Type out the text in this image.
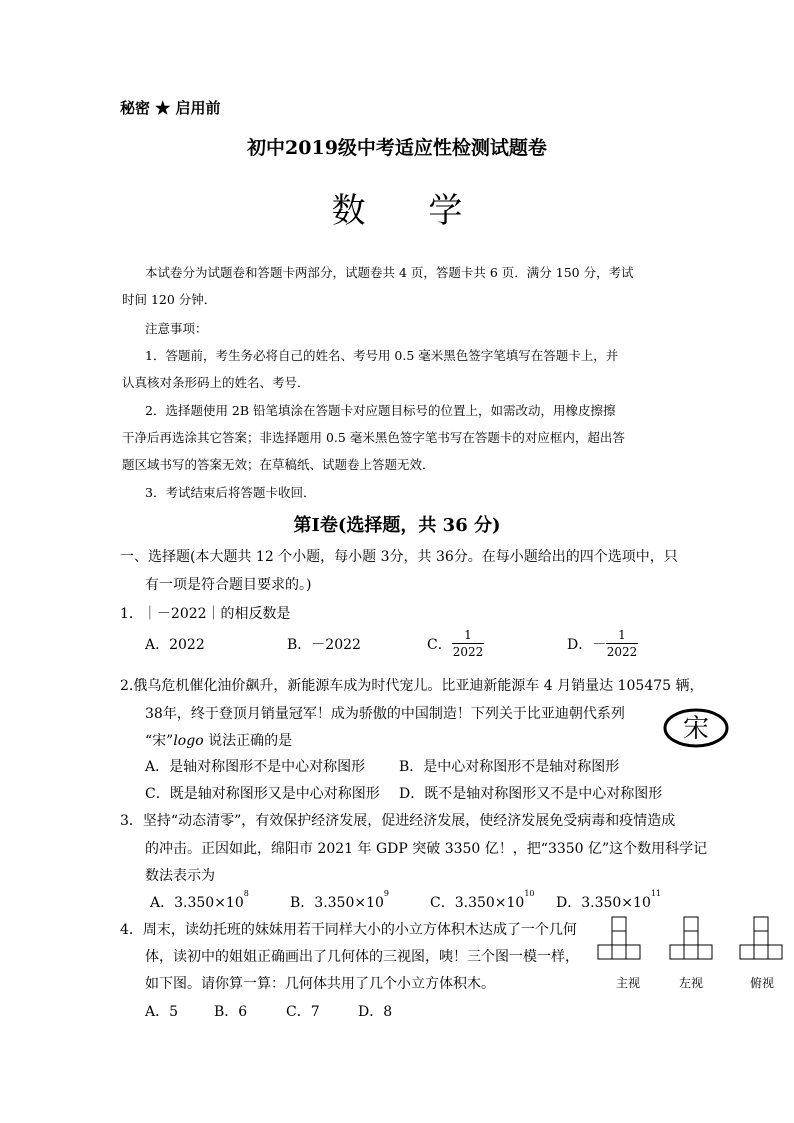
秘密 ★ 启用前
初中2019级中考适应性检测试题卷
数 学
本试卷分为试题卷和答题卡两部分，试题卷共 4 页，答题卡共 6 页．满分 150 分，考试
时间 120 分钟．
注意事项：
1．答题前，考生务必将自己的姓名、考号用 0.5 毫米黑色签字笔填写在答题卡上，并
认真核对条形码上的姓名、考号．
2．选择题使用 2B 铅笔填涂在答题卡对应题目标号的位置上，如需改动，用橡皮擦擦
干净后再选涂其它答案；非选择题用 0.5 毫米黑色签字笔书写在答题卡的对应框内，超出答
题区域书写的答案无效；在草稿纸、试题卷上答题无效．
3．考试结束后将答题卡收回．
第Ⅰ卷(选择题，共 36 分)
一、选择题(本大题共 12 个小题，每小题 3分，共 36分。在每小题给出的四个选项中，只
有一项是符合题目要求的。)
1．｜－2022｜的相反数是
A．2022	B．－2022	C．
1
2022	D．－
1
2022
2.俄乌危机催化油价飙升，新能源车成为时代宠儿。比亚迪新能源车 4 月销量达 105475 辆，
38年，终于登顶月销量冠军！成为骄傲的中国制造！下列关于比亚迪朝代系列
“宋”logo 说法正确的是	宋
A．是轴对称图形不是中心对称图形 B．是中心对称图形不是轴对称图形
C．既是轴对称图形又是中心对称图形 D．既不是轴对称图形又不是中心对称图形
3．坚持“动态清零”，有效保护经济发展，促进经济发展，使经济发展免受病毒和疫情造成
的冲击。正因如此，绵阳市 2021 年 GDP 突破 3350 亿！，把“3350 亿”这个数用科学记
数法表示为
A．$3.350\times 10^8$
B．$3.350\times 10^9$
C．$3.350\times 10^{10}$
D．$3.350\times 10^{11}$
4．周末，读幼托班的妹妹用若干同样大小的小立方体积木达成了一个几何
体，读初中的姐姐正确画出了几何体的三视图，咦！三个图一模一样，
如下图。请你算一算：几何体共用了几个小立方体积木。
A．5	B．6	C．7	D．8
主视	左视	俯视
